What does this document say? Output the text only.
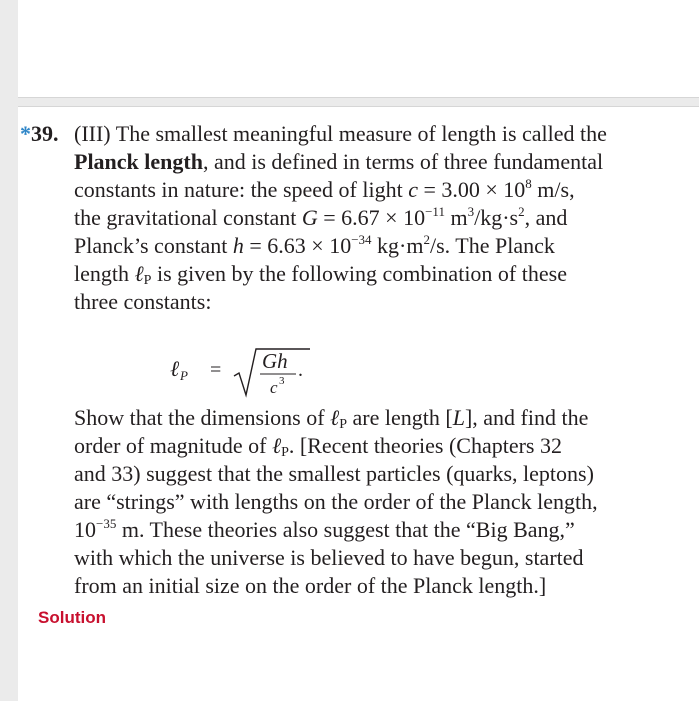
*39. (III) The smallest meaningful measure of length is called the
Planck length, and is defined in terms of three fundamental
constants in nature: the speed of light $c = 3.00 \times 10^8$ m/s,
the gravitational constant $G = 6.67 \times 10^{-11}$ $m^3/kg\cdot s^2$, and
Planck’s constant $h = 6.63 \times 10^{-34}$ $kg\cdot m^2/s$. The Planck
length ℓ$_P$ is given by the following combination of these
three constants:
ℓ P = Gh
c 3 .
Show that the dimensions of ℓ$_P$ are length [L], and find the
order of magnitude of ℓ$_P$. [Recent theories (Chapters 32
and 33) suggest that the smallest particles (quarks, leptons)
are “strings” with lengths on the order of the Planck length,
$10^{-35}$ m. These theories also suggest that the “Big Bang,”
with which the universe is believed to have begun, started
from an initial size on the order of the Planck length.]
Solution
